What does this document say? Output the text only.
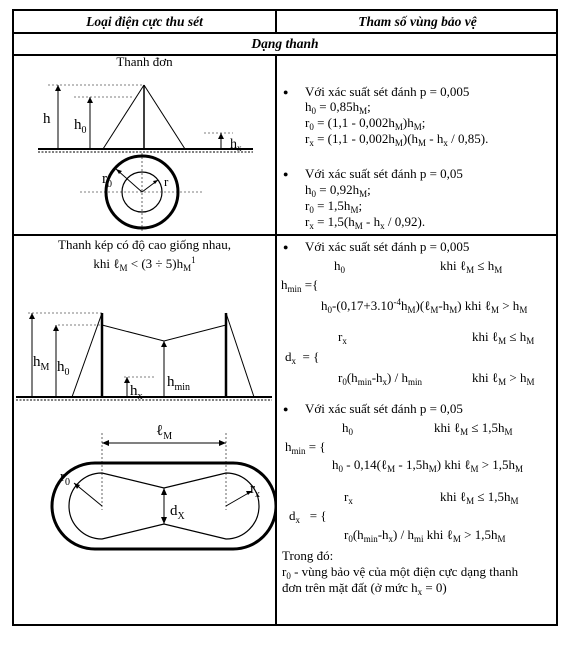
Loại điện cực thu sét	Tham số vùng bảo vệ
Dạng thanh
Thanh đơn
h $h_0$
$h_x$
$r_0$	r
● Với xác suất sét đánh p = 0,005
$h_0 = 0,85h_M$;
$r_0 = (1,1 - 0,002h_M)h_M$;
$r_x = (1,1 - 0,002h_M)(h_M - h_x / 0,85)$.
● Với xác suất sét đánh p = 0,05
$h_0 = 0,92h_M$;
$r_0 = 1,5h_M$;
$r_x = 1,5(h_M - h_x / 0,92)$.
Thanh kép có độ cao giống nhau,
khi ℓ$_M$ < $(3 \div 5)h_M^1$
$h_M$ $h_0$
$h_x$
$h_{min}$
ℓ$_M$
$r_0$	$r_x$
$d_X$
● Với xác suất sét đánh p = 0,005
$h_0$	khi ℓ$_M$ ≤ $h_M$
$h_{min}$ ={
$h_0-(0,17+3.10^{-4}h_M)(\ell_M-h_M)$ khi ℓ$_M$ > $h_M$
$r_x$	khi ℓ$_M$ ≤ $h_M$
$d_x$  = {
$r_0(h_{min}-h_x) / h_{min}$	khi ℓ$_M$ > $h_M$
● Với xác suất sét đánh p = 0,05
$h_0$	khi ℓ$_M$ ≤ $1,5h_M$
$h_{min}$ = {
$h_0$ - 0,14(ℓ$_M$ - $1,5h_M$) khi ℓ$_M$ > $1,5h_M$
$r_x$	khi ℓ$_M$ ≤ $1,5h_M$
$d_x$   = {
$r_0(h_{min}-h_x) / h_{mi}$ khi ℓ$_M$ > $1,5h_M$
Trong đó:
$r_0$ - vùng bảo vệ của một điện cực dạng thanh
đơn trên mặt đất (ở mức $h_x = 0$)
